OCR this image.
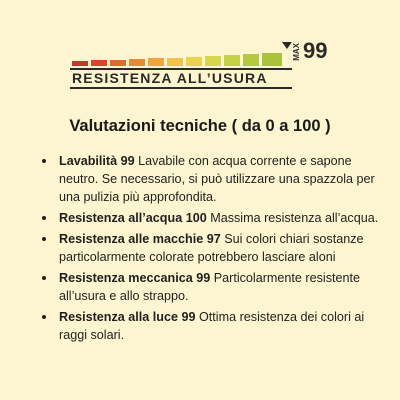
RESISTENZA ALL’USURA
MAX 99
Valutazioni tecniche ( da 0 a 100 )
• Lavabilità 99 Lavabile con acqua corrente e sapone neutro. Se necessario, si può utilizzare una spazzola per una pulizia più approfondita.
• Resistenza all’acqua 100 Massima resistenza all’acqua.
• Resistenza alle macchie 97 Sui colori chiari sostanze particolarmente colorate potrebbero lasciare aloni
• Resistenza meccanica 99 Particolarmente resistente all’usura e allo strappo.
• Resistenza alla luce 99 Ottima resistenza dei colori ai raggi solari.
